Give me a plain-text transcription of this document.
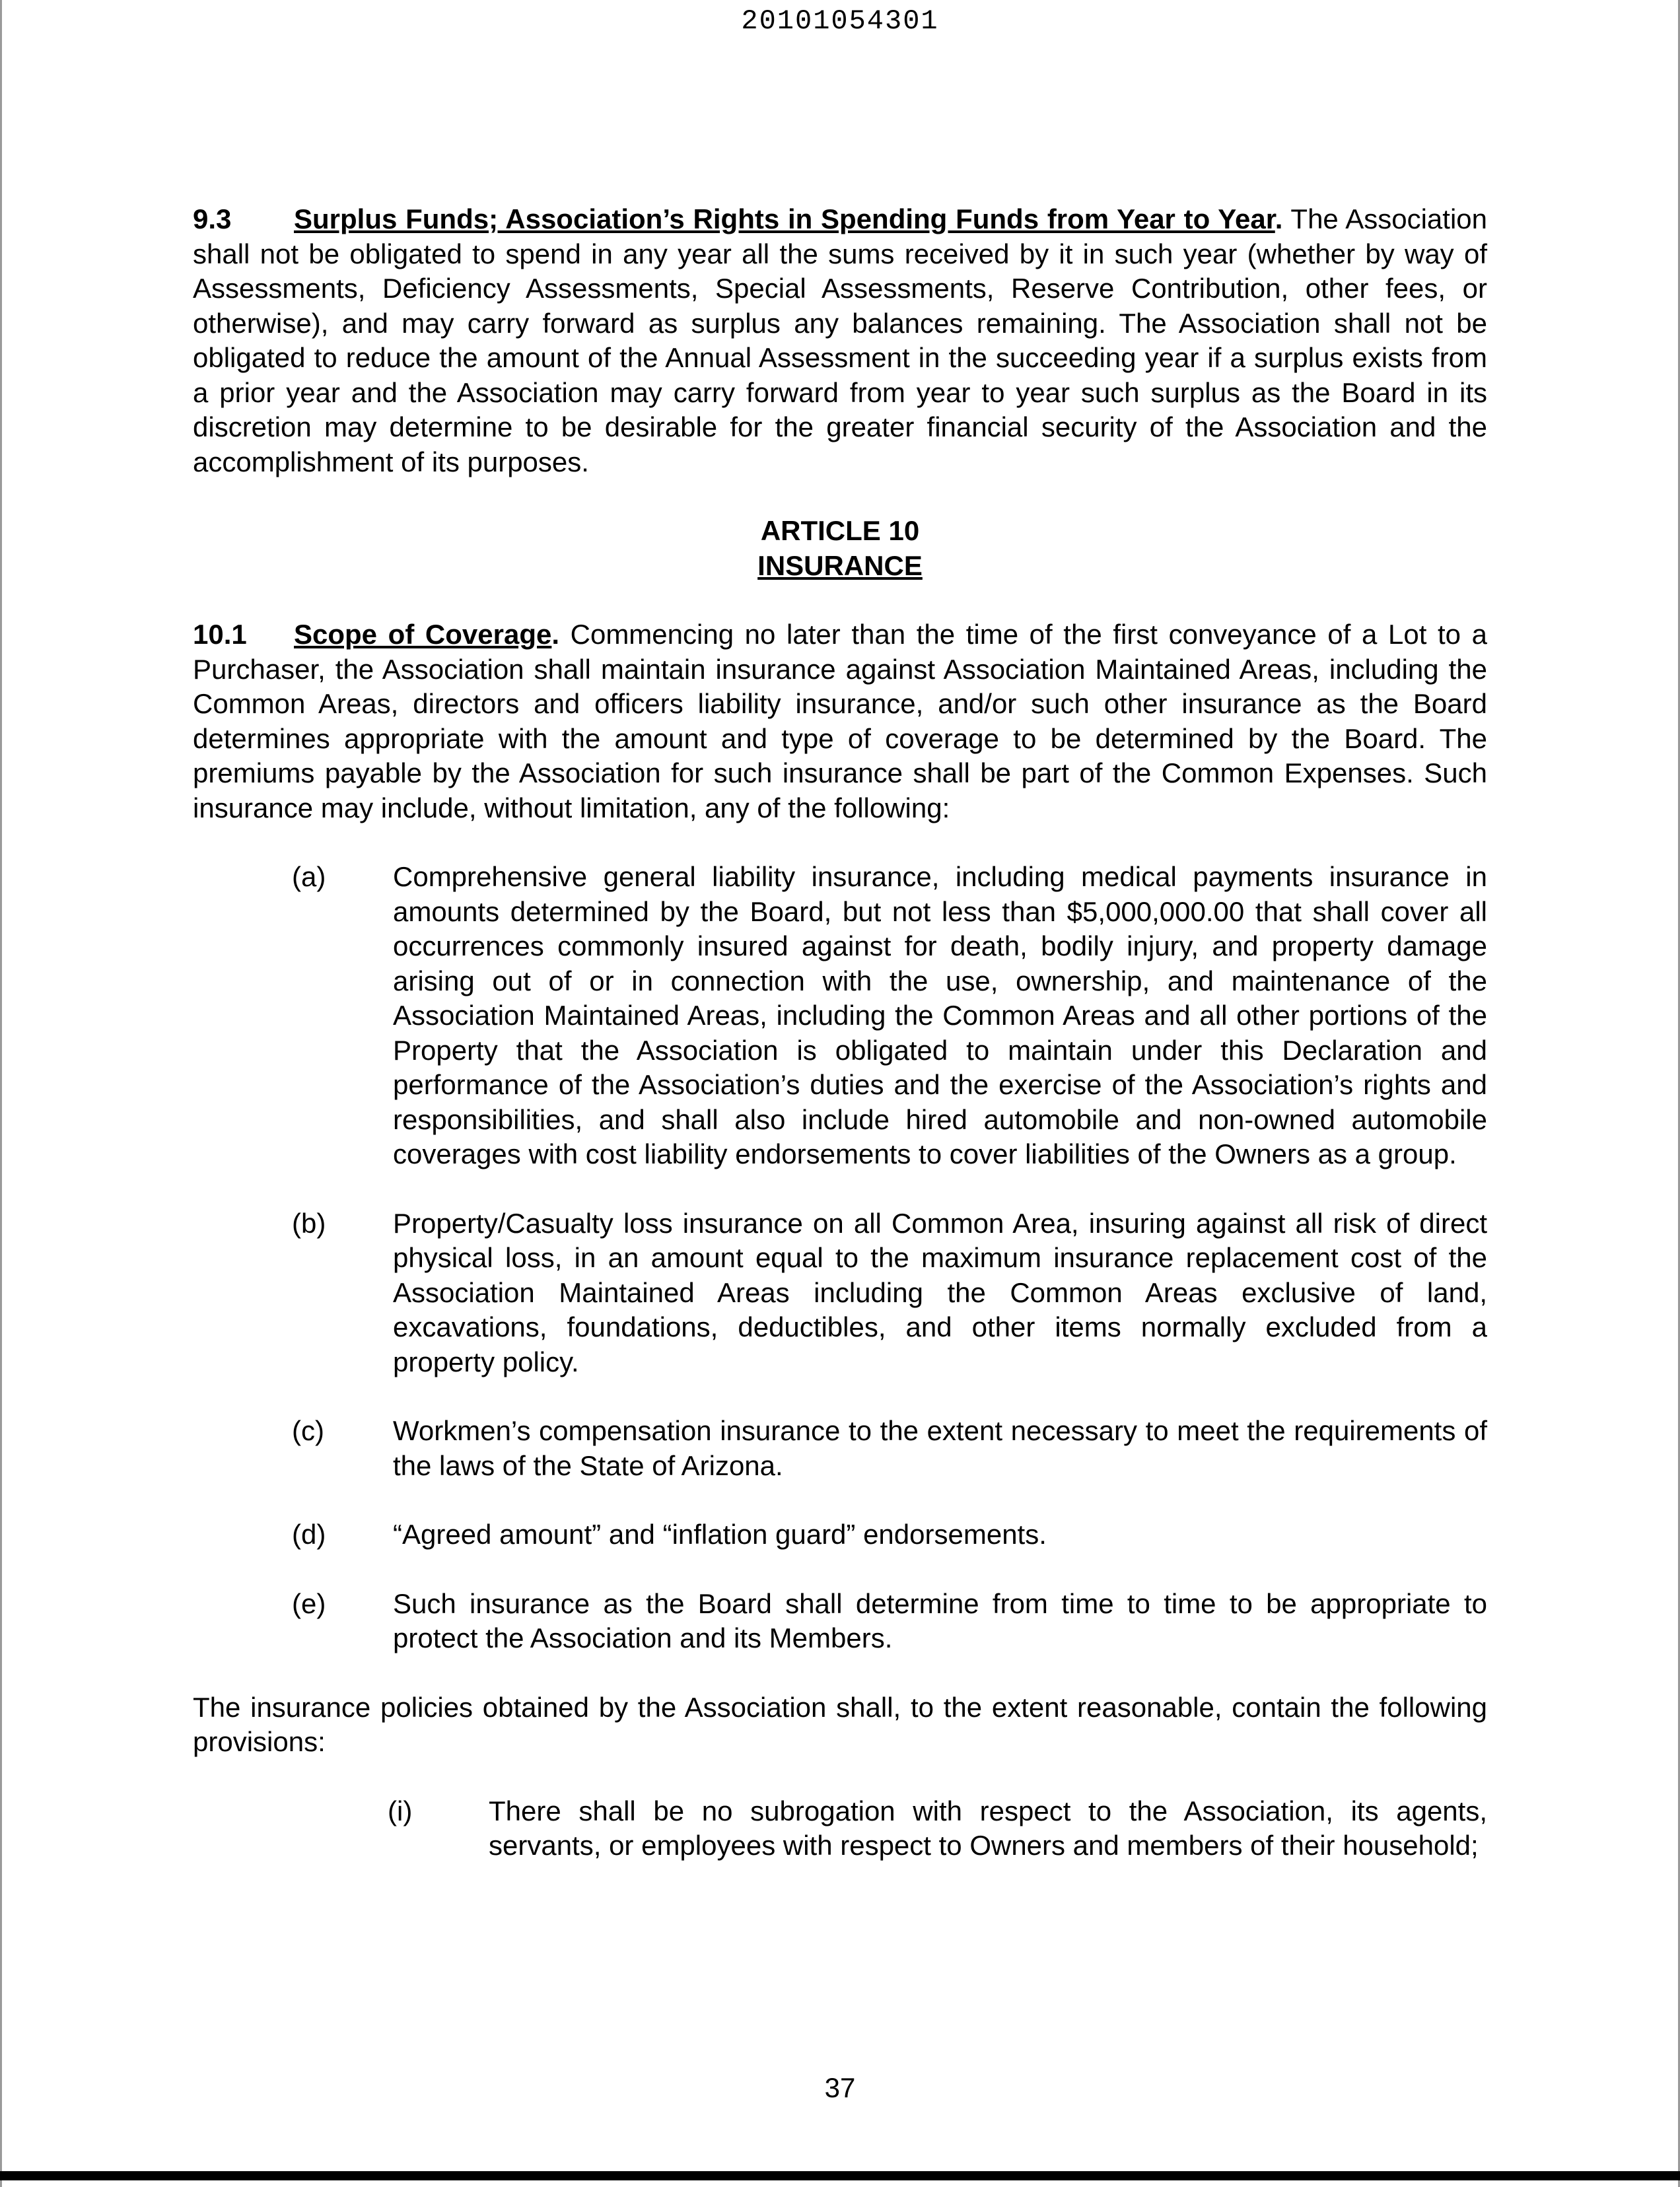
20101054301

9.3 Surplus Funds; Association’s Rights in Spending Funds from Year to Year. The Association shall not be obligated to spend in any year all the sums received by it in such year (whether by way of Assessments, Deficiency Assessments, Special Assessments, Reserve Contribution, other fees, or otherwise), and may carry forward as surplus any balances remaining. The Association shall not be obligated to reduce the amount of the Annual Assessment in the succeeding year if a surplus exists from a prior year and the Association may carry forward from year to year such surplus as the Board in its discretion may determine to be desirable for the greater financial security of the Association and the accomplishment of its purposes.

ARTICLE 10
INSURANCE

10.1 Scope of Coverage. Commencing no later than the time of the first conveyance of a Lot to a Purchaser, the Association shall maintain insurance against Association Maintained Areas, including the Common Areas, directors and officers liability insurance, and/or such other insurance as the Board determines appropriate with the amount and type of coverage to be determined by the Board. The premiums payable by the Association for such insurance shall be part of the Common Expenses. Such insurance may include, without limitation, any of the following:

(a)	Comprehensive general liability insurance, including medical payments insurance in amounts determined by the Board, but not less than $5,000,000.00 that shall cover all occurrences commonly insured against for death, bodily injury, and property damage arising out of or in connection with the use, ownership, and maintenance of the Association Maintained Areas, including the Common Areas and all other portions of the Property that the Association is obligated to maintain under this Declaration and performance of the Association’s duties and the exercise of the Association’s rights and responsibilities, and shall also include hired automobile and non-owned automobile coverages with cost liability endorsements to cover liabilities of the Owners as a group.
(b)	Property/Casualty loss insurance on all Common Area, insuring against all risk of direct physical loss, in an amount equal to the maximum insurance replacement cost of the Association Maintained Areas including the Common Areas exclusive of land, excavations, foundations, deductibles, and other items normally excluded from a property policy.
(c)	Workmen’s compensation insurance to the extent necessary to meet the requirements of the laws of the State of Arizona.
(d)	“Agreed amount” and “inflation guard” endorsements.
(e)	Such insurance as the Board shall determine from time to time to be appropriate to protect the Association and its Members.

The insurance policies obtained by the Association shall, to the extent reasonable, contain the following provisions:

(i)	There shall be no subrogation with respect to the Association, its agents, servants, or employees with respect to Owners and members of their household;
37
